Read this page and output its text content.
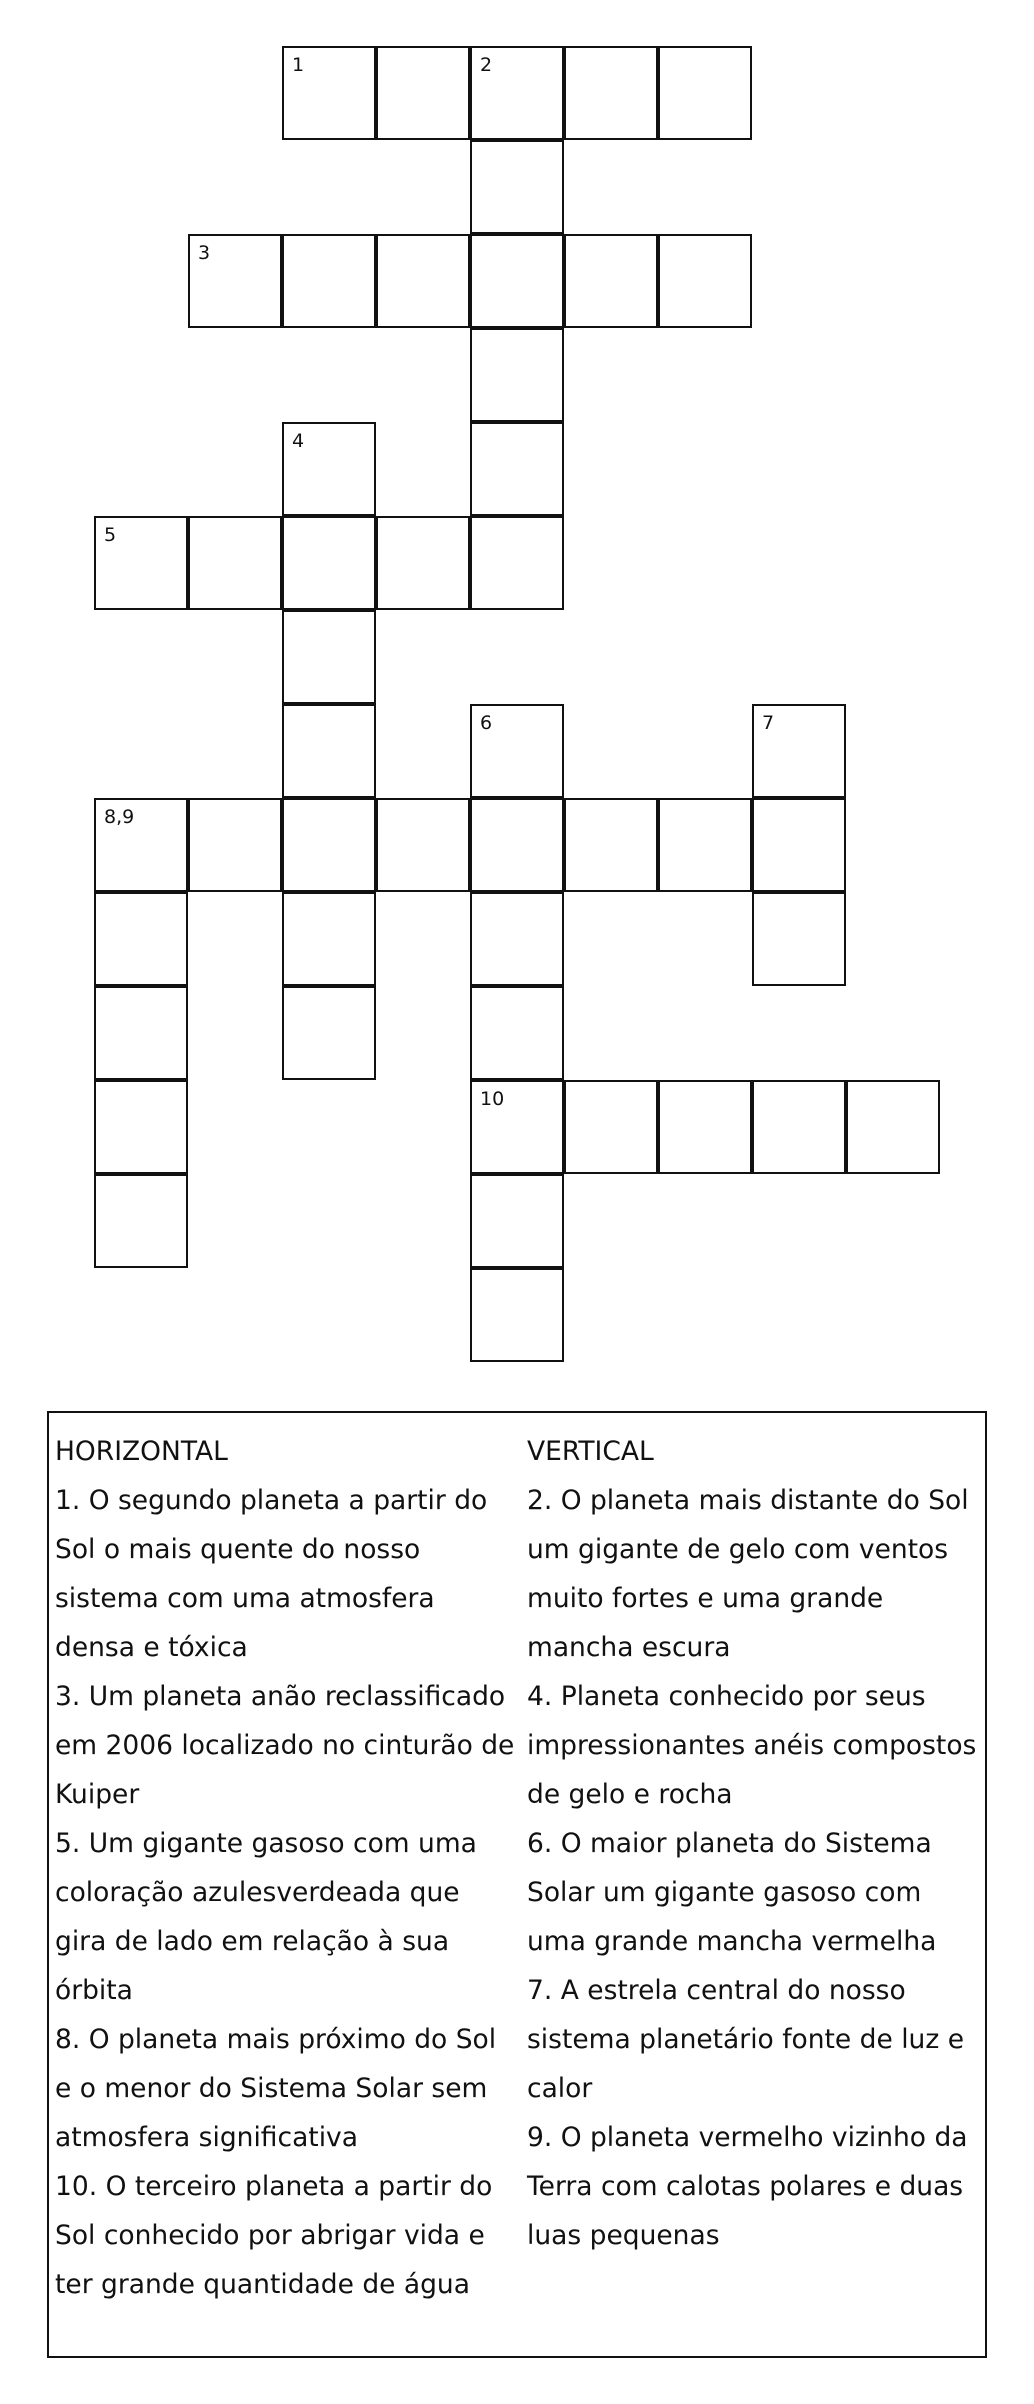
1	2
3
4
5
6	7
8,9
10
HORIZONTAL
1. O segundo planeta a partir do Sol o mais quente do nosso sistema com uma atmosfera densa e tóxica
3. Um planeta anão reclassificado em 2006 localizado no cinturão de Kuiper
5. Um gigante gasoso com uma coloração azulesverdeada que gira de lado em relação à sua órbita
8. O planeta mais próximo do Sol e o menor do Sistema Solar sem atmosfera significativa
10. O terceiro planeta a partir do Sol conhecido por abrigar vida e ter grande quantidade de água
VERTICAL
2. O planeta mais distante do Sol um gigante de gelo com ventos muito fortes e uma grande mancha escura
4. Planeta conhecido por seus impressionantes anéis compostos de gelo e rocha
6. O maior planeta do Sistema Solar um gigante gasoso com uma grande mancha vermelha
7. A estrela central do nosso sistema planetário fonte de luz e calor
9. O planeta vermelho vizinho da Terra com calotas polares e duas luas pequenas
